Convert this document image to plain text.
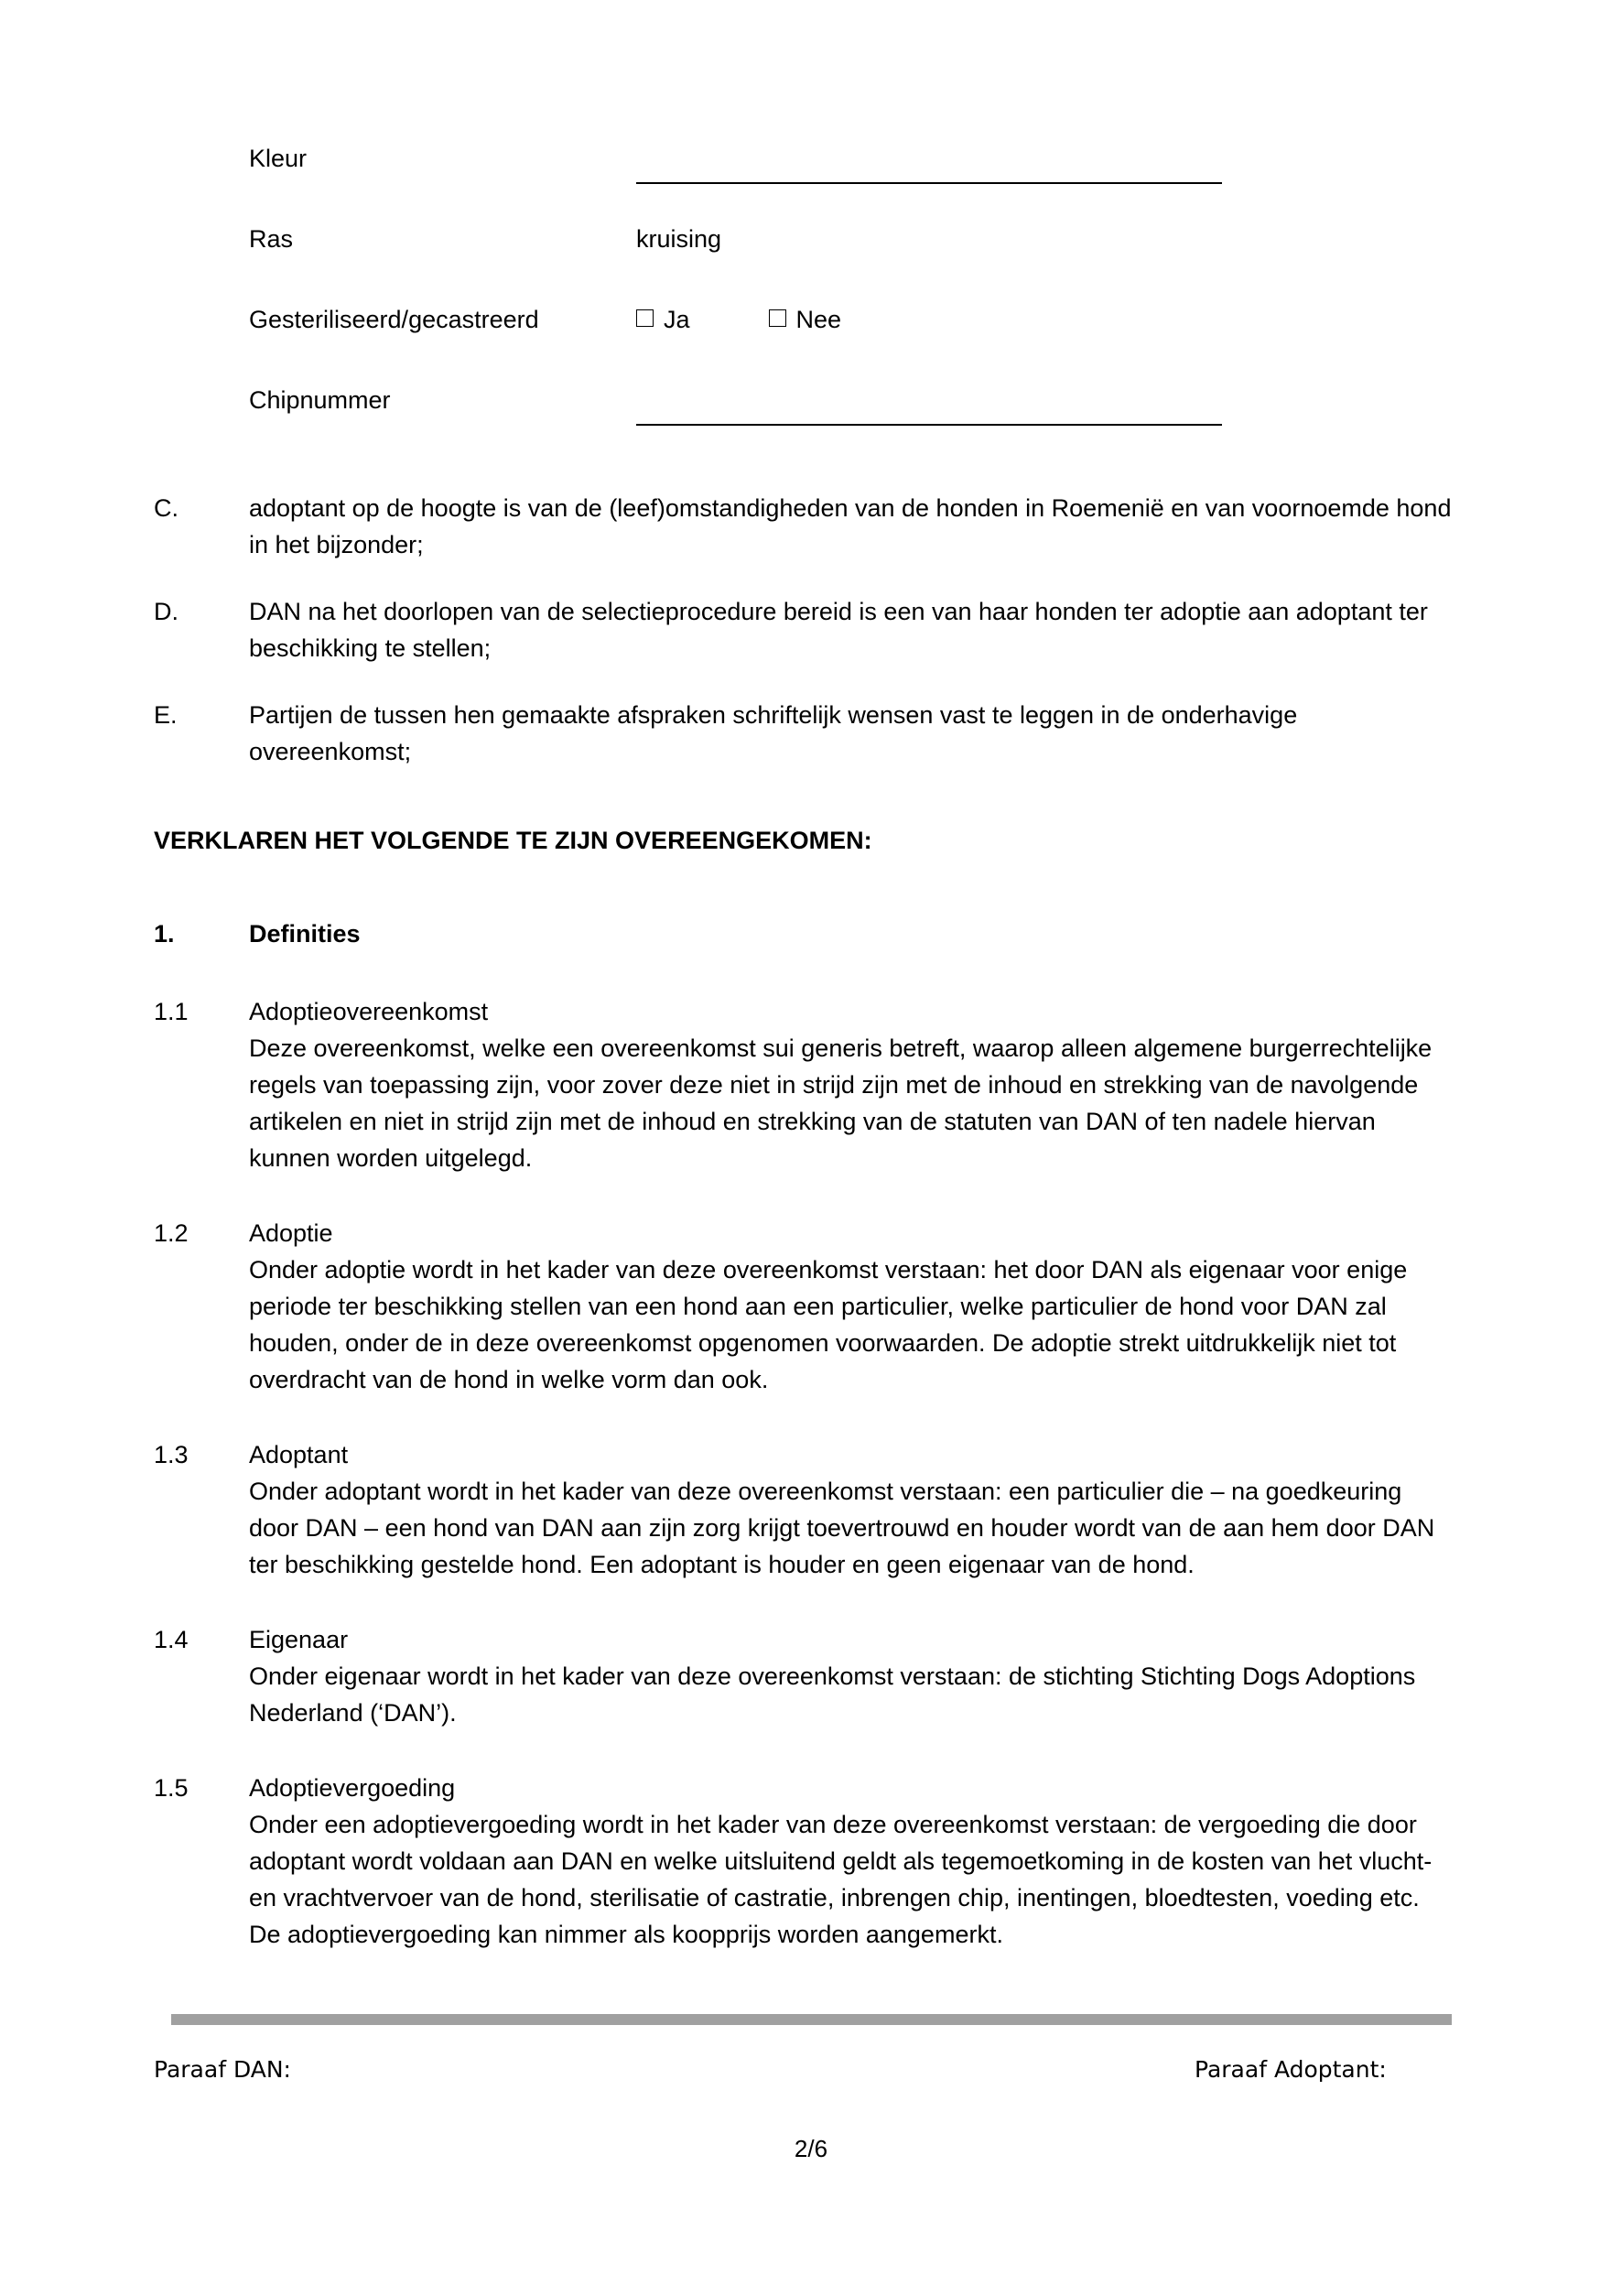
Kleur
Ras	kruising
Gesteriliseerd/gecastreerd	Ja	Nee
Chipnummer
C.	adoptant op de hoogte is van de (leef)omstandigheden van de honden in Roemenië en van voornoemde hond in het bijzonder;
D.	DAN na het doorlopen van de selectieprocedure bereid is een van haar honden ter adoptie aan adoptant ter beschikking te stellen;
E.	Partijen de tussen hen gemaakte afspraken schriftelijk wensen vast te leggen in de onderhavige overeenkomst;
VERKLAREN HET VOLGENDE TE ZIJN OVEREENGEKOMEN:
1.	Definities
1.1	Adoptieovereenkomst
Deze overeenkomst, welke een overeenkomst sui generis betreft, waarop alleen algemene burgerrechtelijke regels van toepassing zijn, voor zover deze niet in strijd zijn met de inhoud en strekking van de navolgende artikelen en niet in strijd zijn met de inhoud en strekking van de statuten van DAN of ten nadele hiervan kunnen worden uitgelegd.
1.2	Adoptie
Onder adoptie wordt in het kader van deze overeenkomst verstaan: het door DAN als eigenaar voor enige periode ter beschikking stellen van een hond aan een particulier, welke particulier de hond voor DAN zal houden, onder de in deze overeenkomst opgenomen voorwaarden. De adoptie strekt uitdrukkelijk niet tot overdracht van de hond in welke vorm dan ook.
1.3	Adoptant
Onder adoptant wordt in het kader van deze overeenkomst verstaan: een particulier die – na goedkeuring door DAN – een hond van DAN aan zijn zorg krijgt toevertrouwd en houder wordt van de aan hem door DAN ter beschikking gestelde hond. Een adoptant is houder en geen eigenaar van de hond.
1.4	Eigenaar
Onder eigenaar wordt in het kader van deze overeenkomst verstaan: de stichting Stichting Dogs Adoptions Nederland (‘DAN’).
1.5	Adoptievergoeding
Onder een adoptievergoeding wordt in het kader van deze overeenkomst verstaan: de vergoeding die door adoptant wordt voldaan aan DAN en welke uitsluitend geldt als tegemoetkoming in de kosten van het vlucht- en vrachtvervoer van de hond, sterilisatie of castratie, inbrengen chip, inentingen, bloedtesten, voeding etc. De adoptievergoeding kan nimmer als koopprijs worden aangemerkt.
Paraaf DAN:	Paraaf Adoptant:
2/6
